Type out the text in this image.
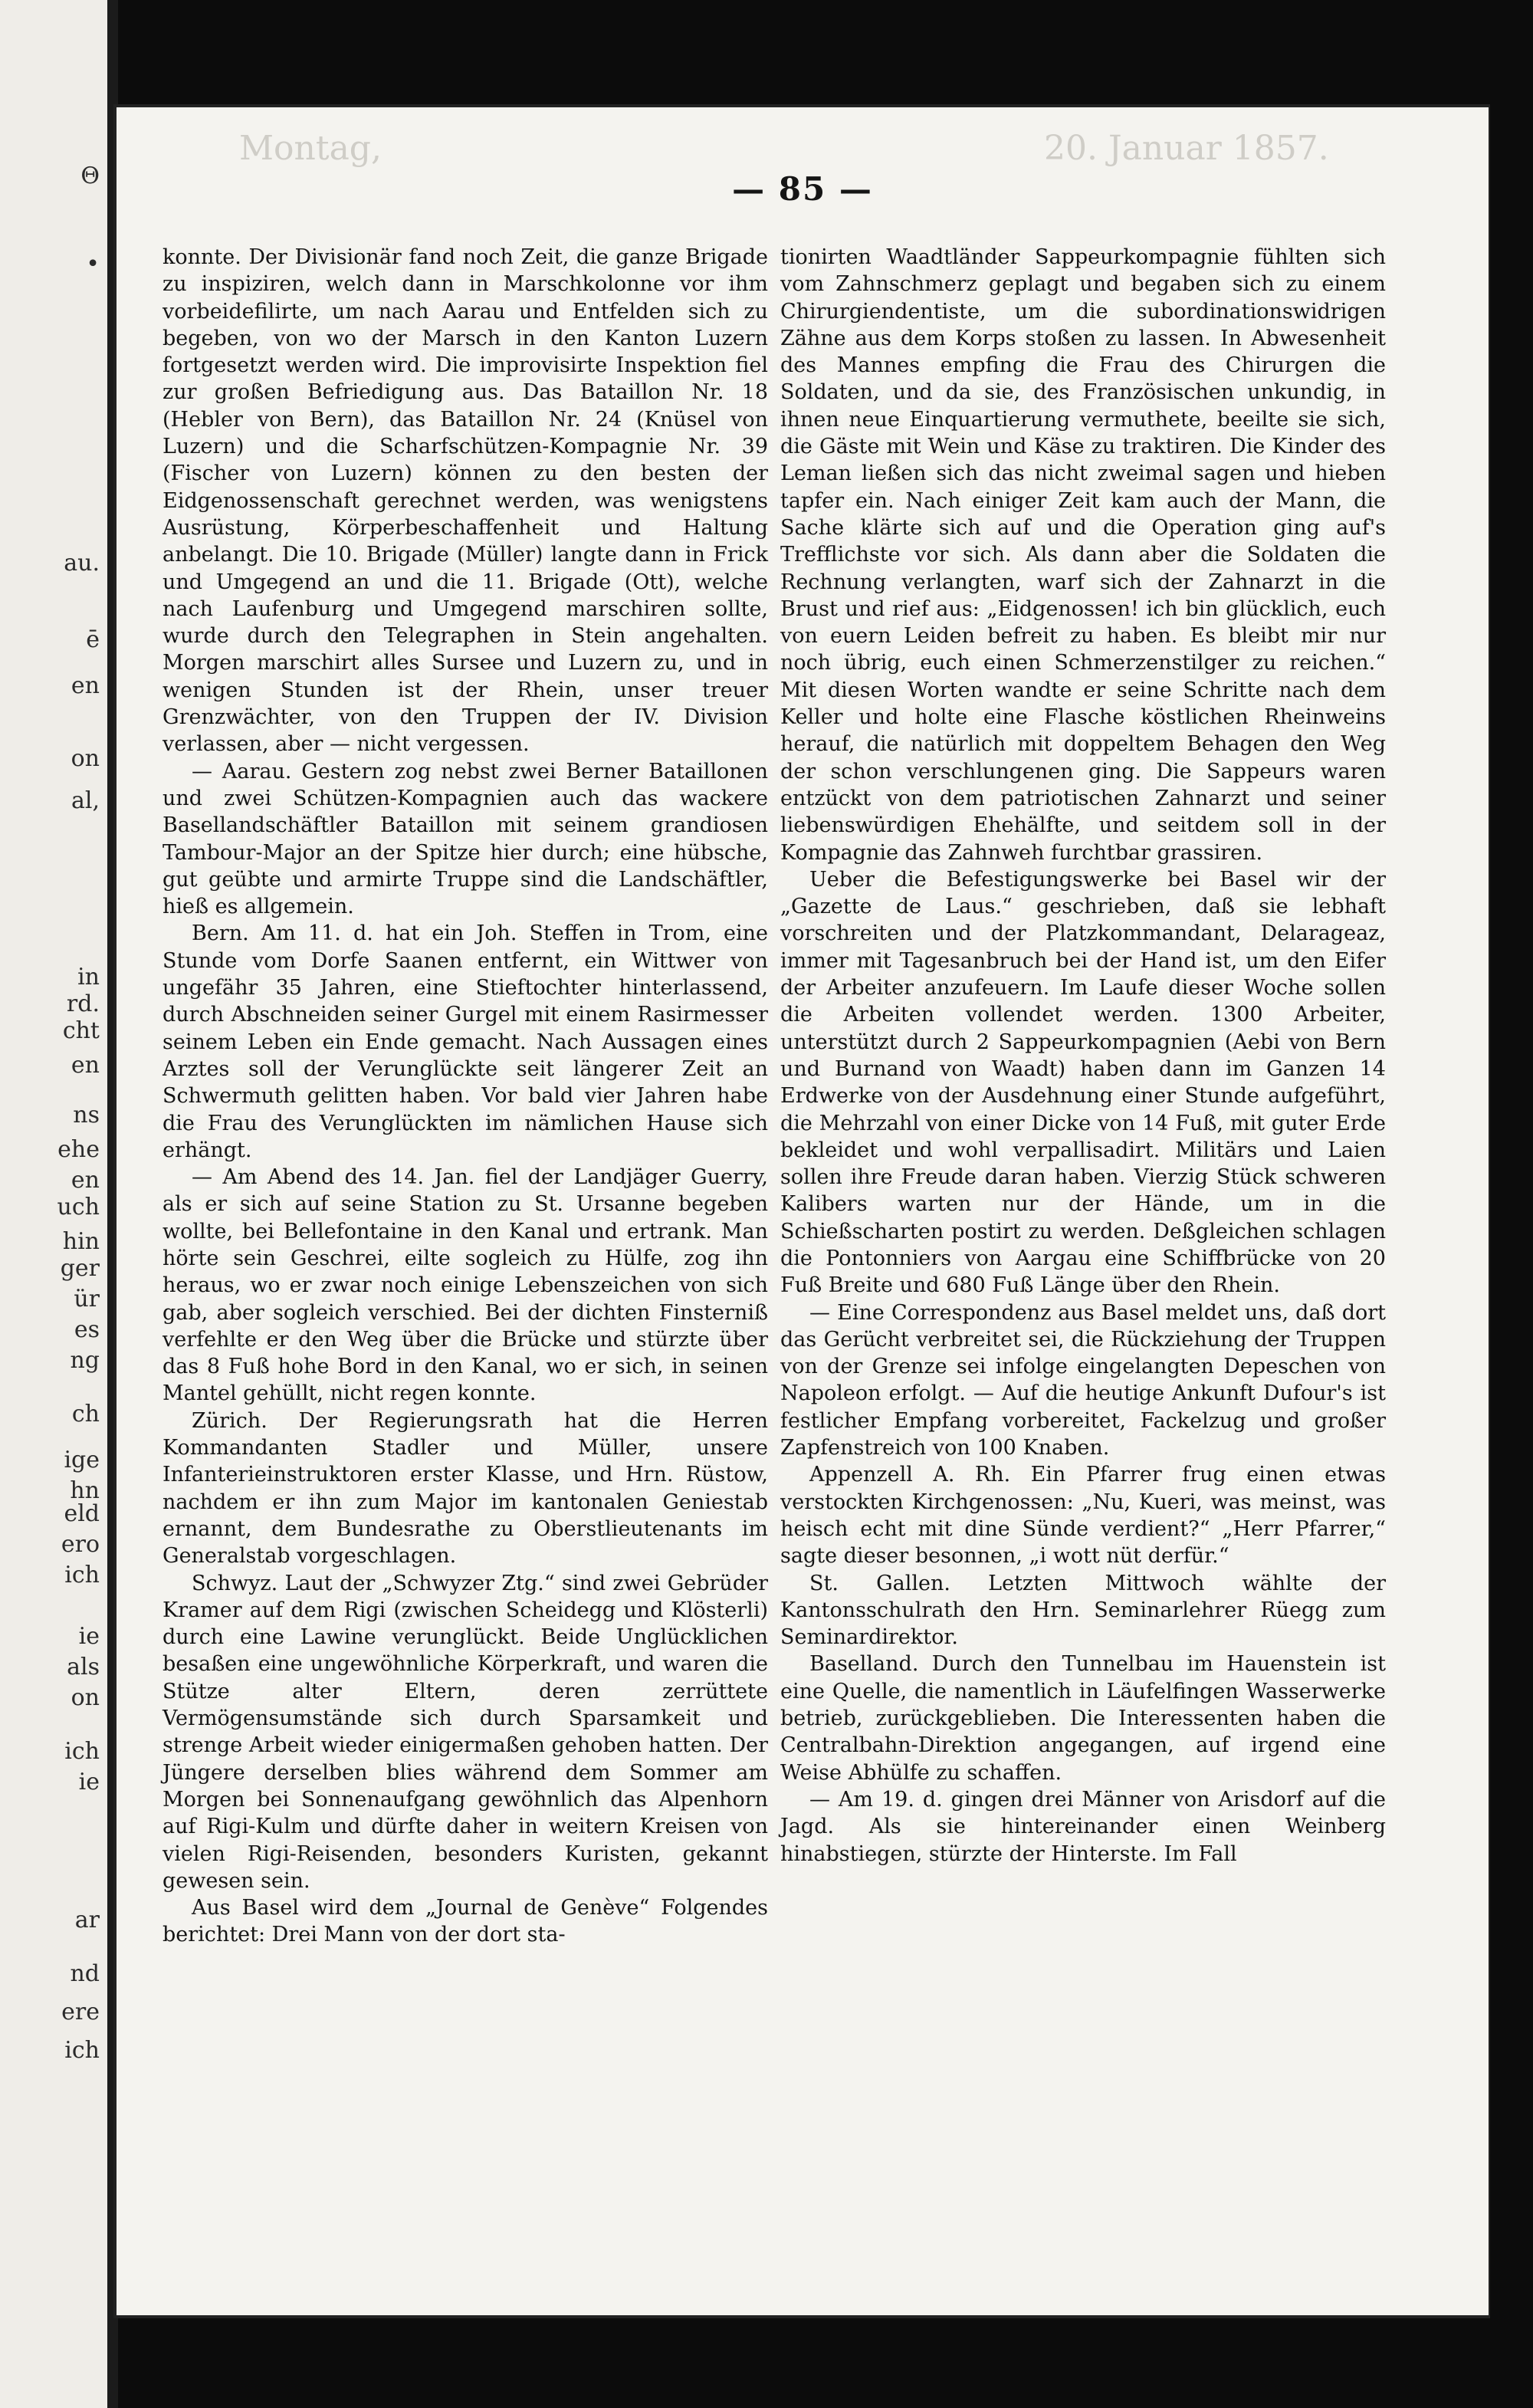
Θ
•
au.
ē
en
on
al,
in
rd.
cht
en
ns
ehe
en
uch
hin
ger
ür
es
ng
ch
ige
hn
eld
ero
ich
ie
als
on
ich
ie
ar
nd
ere
ich
Montag,	20. Januar 1857.
— 85 —

konnte. Der Divisionär fand noch Zeit, die ganze Brigade zu inspiziren, welch dann in Marschkolonne vor ihm vorbeidefilirte, um nach Aarau und Entfelden sich zu begeben, von wo der Marsch in den Kanton Luzern fortgesetzt werden wird. Die improvisirte Inspektion fiel zur großen Befriedigung aus. Das Bataillon Nr. 18 (Hebler von Bern), das Bataillon Nr. 24 (Knüsel von Luzern) und die Scharfschützen-Kompagnie Nr. 39 (Fischer von Luzern) können zu den besten der Eidgenossenschaft gerechnet werden, was wenigstens Ausrüstung, Körperbeschaffenheit und Haltung anbelangt. Die 10. Brigade (Müller) langte dann in Frick und Umgegend an und die 11. Brigade (Ott), welche nach Laufenburg und Umgegend marschiren sollte, wurde durch den Telegraphen in Stein angehalten. Morgen marschirt alles Sursee und Luzern zu, und in wenigen Stunden ist der Rhein, unser treuer Grenzwächter, von den Truppen der IV. Division verlassen, aber — nicht vergessen.

— Aarau. Gestern zog nebst zwei Berner Bataillonen und zwei Schützen-Kompagnien auch das wackere Basellandschäftler Bataillon mit seinem grandiosen Tambour-Major an der Spitze hier durch; eine hübsche, gut geübte und armirte Truppe sind die Landschäftler, hieß es allgemein.

Bern. Am 11. d. hat ein Joh. Steffen in Trom, eine Stunde vom Dorfe Saanen entfernt, ein Wittwer von ungefähr 35 Jahren, eine Stieftochter hinterlassend, durch Abschneiden seiner Gurgel mit einem Rasirmesser seinem Leben ein Ende gemacht. Nach Aussagen eines Arztes soll der Verunglückte seit längerer Zeit an Schwermuth gelitten haben. Vor bald vier Jahren habe die Frau des Verunglückten im nämlichen Hause sich erhängt.

— Am Abend des 14. Jan. fiel der Landjäger Guerry, als er sich auf seine Station zu St. Ursanne begeben wollte, bei Bellefontaine in den Kanal und ertrank. Man hörte sein Geschrei, eilte sogleich zu Hülfe, zog ihn heraus, wo er zwar noch einige Lebenszeichen von sich gab, aber sogleich verschied. Bei der dichten Finsterniß verfehlte er den Weg über die Brücke und stürzte über das 8 Fuß hohe Bord in den Kanal, wo er sich, in seinen Mantel gehüllt, nicht regen konnte.

Zürich. Der Regierungsrath hat die Herren Kommandanten Stadler und Müller, unsere Infanterieinstruktoren erster Klasse, und Hrn. Rüstow, nachdem er ihn zum Major im kantonalen Geniestab ernannt, dem Bundesrathe zu Oberstlieutenants im Generalstab vorgeschlagen.

Schwyz. Laut der „Schwyzer Ztg.“ sind zwei Gebrüder Kramer auf dem Rigi (zwischen Scheidegg und Klösterli) durch eine Lawine verunglückt. Beide Unglücklichen besaßen eine ungewöhnliche Körperkraft, und waren die Stütze alter Eltern, deren zerrüttete Vermögensumstände sich durch Sparsamkeit und strenge Arbeit wieder einigermaßen gehoben hatten. Der Jüngere derselben blies während dem Sommer am Morgen bei Sonnenaufgang gewöhnlich das Alpenhorn auf Rigi-Kulm und dürfte daher in weitern Kreisen von vielen Rigi-Reisenden, besonders Kuristen, gekannt gewesen sein.

Aus Basel wird dem „Journal de Genève“ Folgendes berichtet: Drei Mann von der dort sta-

tionirten Waadtländer Sappeurkompagnie fühlten sich vom Zahnschmerz geplagt und begaben sich zu einem Chirurgiendentiste, um die subordinationswidrigen Zähne aus dem Korps stoßen zu lassen. In Abwesenheit des Mannes empfing die Frau des Chirurgen die Soldaten, und da sie, des Französischen unkundig, in ihnen neue Einquartierung vermuthete, beeilte sie sich, die Gäste mit Wein und Käse zu traktiren. Die Kinder des Leman ließen sich das nicht zweimal sagen und hieben tapfer ein. Nach einiger Zeit kam auch der Mann, die Sache klärte sich auf und die Operation ging auf's Trefflichste vor sich. Als dann aber die Soldaten die Rechnung verlangten, warf sich der Zahnarzt in die Brust und rief aus: „Eidgenossen! ich bin glücklich, euch von euern Leiden befreit zu haben. Es bleibt mir nur noch übrig, euch einen Schmerzenstilger zu reichen.“ Mit diesen Worten wandte er seine Schritte nach dem Keller und holte eine Flasche köstlichen Rheinweins herauf, die natürlich mit doppeltem Behagen den Weg der schon verschlungenen ging. Die Sappeurs waren entzückt von dem patriotischen Zahnarzt und seiner liebenswürdigen Ehehälfte, und seitdem soll in der Kompagnie das Zahnweh furchtbar grassiren.

Ueber die Befestigungswerke bei Basel wir der „Gazette de Laus.“ geschrieben, daß sie lebhaft vorschreiten und der Platzkommandant, Delarageaz, immer mit Tagesanbruch bei der Hand ist, um den Eifer der Arbeiter anzufeuern. Im Laufe dieser Woche sollen die Arbeiten vollendet werden. 1300 Arbeiter, unterstützt durch 2 Sappeurkompagnien (Aebi von Bern und Burnand von Waadt) haben dann im Ganzen 14 Erdwerke von der Ausdehnung einer Stunde aufgeführt, die Mehrzahl von einer Dicke von 14 Fuß, mit guter Erde bekleidet und wohl verpallisadirt. Militärs und Laien sollen ihre Freude daran haben. Vierzig Stück schweren Kalibers warten nur der Hände, um in die Schießscharten postirt zu werden. Deßgleichen schlagen die Pontonniers von Aargau eine Schiffbrücke von 20 Fuß Breite und 680 Fuß Länge über den Rhein.

— Eine Correspondenz aus Basel meldet uns, daß dort das Gerücht verbreitet sei, die Rückziehung der Truppen von der Grenze sei infolge eingelangten Depeschen von Napoleon erfolgt. — Auf die heutige Ankunft Dufour's ist festlicher Empfang vorbereitet, Fackelzug und großer Zapfenstreich von 100 Knaben.

Appenzell A. Rh. Ein Pfarrer frug einen etwas verstockten Kirchgenossen: „Nu, Kueri, was meinst, was heisch echt mit dine Sünde verdient?“ „Herr Pfarrer,“ sagte dieser besonnen, „i wott nüt derfür.“

St. Gallen. Letzten Mittwoch wählte der Kantonsschulrath den Hrn. Seminarlehrer Rüegg zum Seminardirektor.

Baselland. Durch den Tunnelbau im Hauenstein ist eine Quelle, die namentlich in Läufelfingen Wasserwerke betrieb, zurückgeblieben. Die Interessenten haben die Centralbahn-Direktion angegangen, auf irgend eine Weise Abhülfe zu schaffen.

— Am 19. d. gingen drei Männer von Arisdorf auf die Jagd. Als sie hintereinander einen Weinberg hinabstiegen, stürzte der Hinterste. Im Fall
